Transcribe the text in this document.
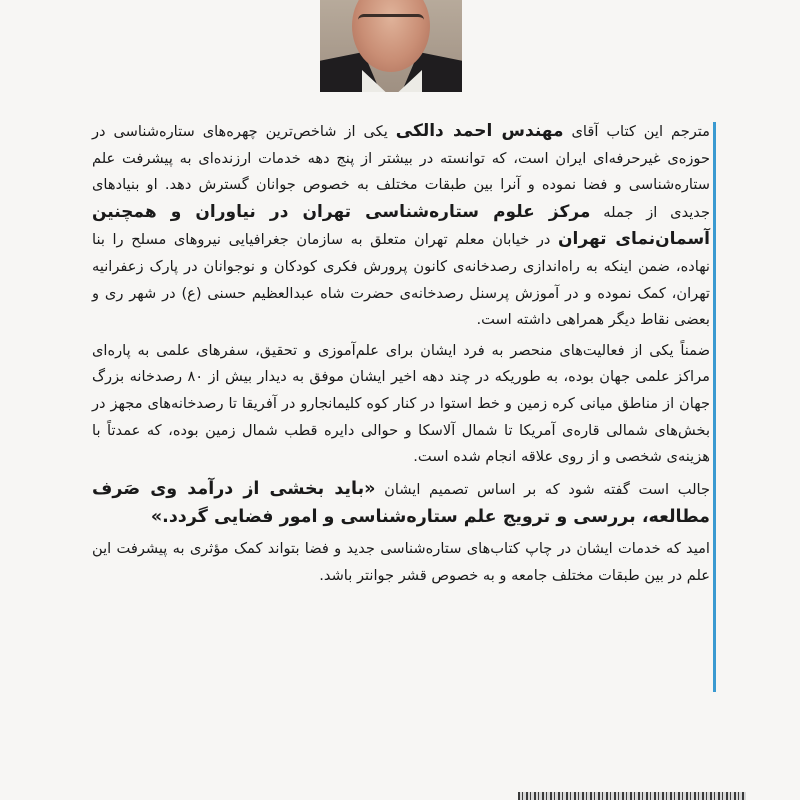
مترجم این کتاب آقای مهندس احمد دالکی یکی از شاخص‌ترین چهره‌های ستاره‌شناسی در حوزه‌ی غیرحرفه‌ای ایران است، که توانسته در بیشتر از پنج دهه خدمات ارزنده‌ای به پیشرفت علم ستاره‌شناسی و فضا نموده و آنرا بین طبقات مختلف به خصوص جوانان گسترش دهد. او بنیادهای جدیدی از جمله مرکز علوم ستاره‌شناسی تهران در نیاوران و همچنین آسمان‌نمای تهران در خیابان معلم تهران متعلق به سازمان جغرافیایی نیروهای مسلح را بنا نهاده، ضمن اینکه به راه‌اندازی رصدخانه‌ی کانون پرورش فکری کودکان و نوجوانان در پارک زعفرانیه تهران، کمک نموده و در آموزش پرسنل رصدخانه‌ی حضرت شاه عبدالعظیم حسنی (ع) در شهر ری و بعضی نقاط دیگر همراهی داشته است.

ضمناً یکی از فعالیت‌های منحصر به فرد ایشان برای علم‌آموزی و تحقیق، سفرهای علمی به پاره‌ای مراکز علمی جهان بوده، به طوریکه در چند دهه اخیر ایشان موفق به دیدار بیش از ۸۰ رصدخانه بزرگ جهان از مناطق میانی کره زمین و خط استوا در کنار کوه کلیمانجارو در آفریقا تا رصدخانه‌های مجهز در بخش‌های شمالی قاره‌ی آمریکا تا شمال آلاسکا و حوالی دایره قطب شمال زمین بوده، که عمدتاً با هزینه‌ی شخصی و از روی علاقه انجام شده است.

جالب است گفته شود که بر اساس تصمیم ایشان «باید بخشی از درآمد وی صَرف مطالعه، بررسی و ترویج علم ستاره‌شناسی و امور فضایی گردد.»

امید که خدمات ایشان در چاپ کتاب‌های ستاره‌شناسی جدید و فضا بتواند کمک مؤثری به پیشرفت این علم در بین طبقات مختلف جامعه و به خصوص قشر جوانتر باشد.
